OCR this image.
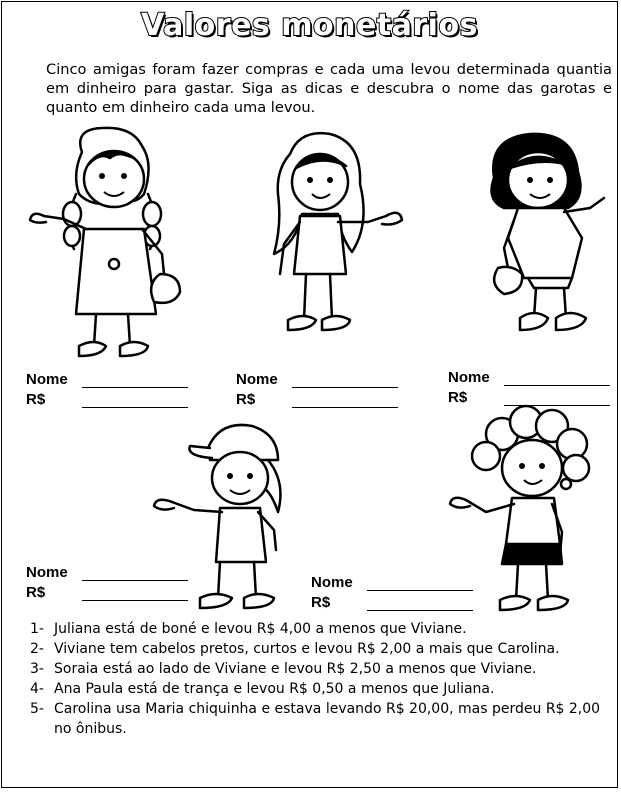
Valores monetários
Cinco amigas foram fazer compras e cada uma levou determinada quantia em dinheiro para gastar. Siga as dicas e descubra o nome das garotas e quanto em dinheiro cada uma levou.
Nome
R$
Nome
R$
Nome
R$
Nome
R$
Nome
R$
1- Juliana está de boné e levou R$ 4,00 a menos que Viviane.
2- Viviane tem cabelos pretos, curtos e levou R$ 2,00 a mais que Carolina.
3- Soraia está ao lado de Viviane e levou R$ 2,50 a menos que Viviane.
4- Ana Paula está de trança e levou R$ 0,50 a menos que Juliana.
5- Carolina usa Maria chiquinha e estava levando R$ 20,00, mas perdeu R$ 2,00 no ônibus.
